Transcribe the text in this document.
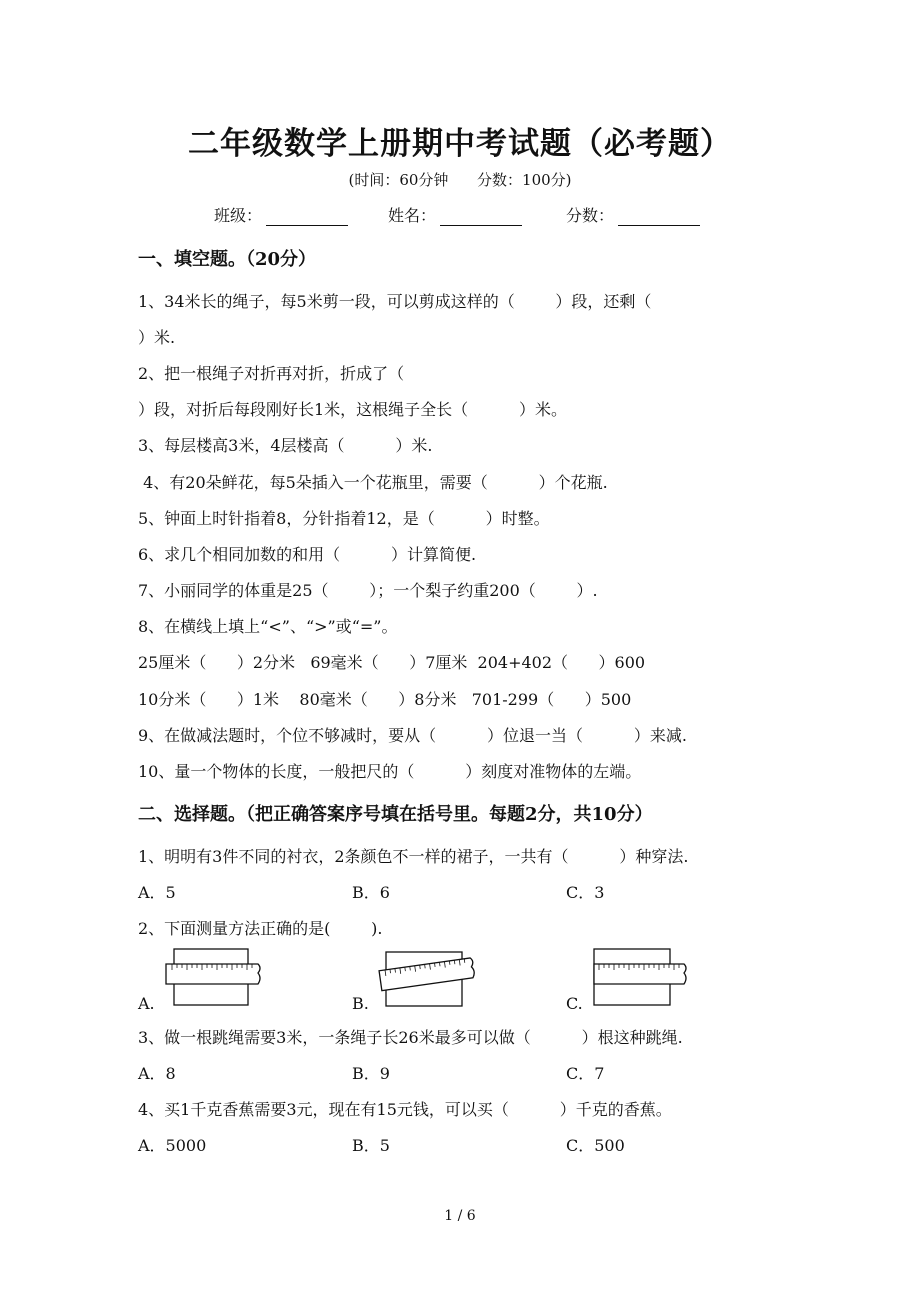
二年级数学上册期中考试题（必考题）
(时间：60分钟      分数：100分)
班级：	姓名：	分数：
一、填空题。（20分）
1、34米长的绳子，每5米剪一段，可以剪成这样的（        ）段，还剩（
）米.
2、把一根绳子对折再对折，折成了（
）段，对折后每段刚好长1米，这根绳子全长（          ）米。
3、每层楼高3米，4层楼高（          ）米.
4、有20朵鲜花，每5朵插入一个花瓶里，需要（          ）个花瓶.
5、钟面上时针指着8，分针指着12，是（          ）时整。
6、求几个相同加数的和用（          ）计算简便.
7、小丽同学的体重是25（        ）；一个梨子约重200（        ）.
8、在横线上填上“<”、“>”或“=”。
25厘米（      ）2分米   69毫米（      ）7厘米  204+402（      ）600
10分米（      ）1米    80毫米（      ）8分米   701-299（      ）500
9、在做减法题时，个位不够减时，要从（          ）位退一当（          ）来减.
10、量一个物体的长度，一般把尺的（          ）刻度对准物体的左端。
二、选择题。（把正确答案序号填在括号里。每题2分，共10分）
1、明明有3件不同的衬衣，2条颜色不一样的裙子，一共有（          ）种穿法.
A．5	B．6	C．3
2、下面测量方法正确的是(        ).
A.	B.	C.
3、做一根跳绳需要3米，一条绳子长26米最多可以做（          ）根这种跳绳.
A．8	B．9	C．7
4、买1千克香蕉需要3元，现在有15元钱，可以买（          ）千克的香蕉。
A．5000	B．5	C．500
1 / 6
